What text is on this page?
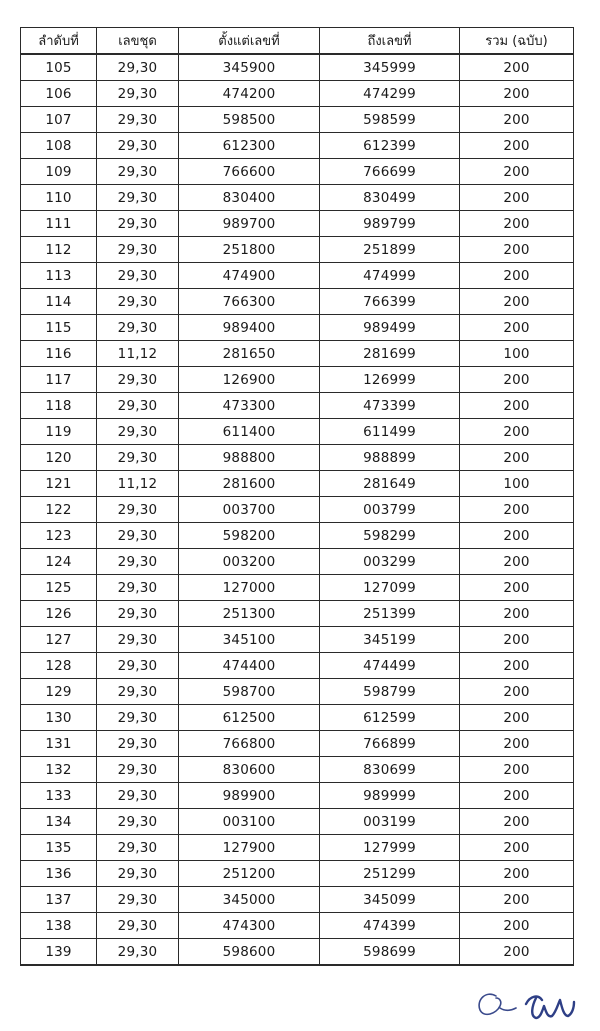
ลำดับที่	เลขชุด	ตั้งแต่เลขที่	ถึงเลขที่	รวม (ฉบับ)
105	29,30	345900	345999	200
106	29,30	474200	474299	200
107	29,30	598500	598599	200
108	29,30	612300	612399	200
109	29,30	766600	766699	200
110	29,30	830400	830499	200
111	29,30	989700	989799	200
112	29,30	251800	251899	200
113	29,30	474900	474999	200
114	29,30	766300	766399	200
115	29,30	989400	989499	200
116	11,12	281650	281699	100
117	29,30	126900	126999	200
118	29,30	473300	473399	200
119	29,30	611400	611499	200
120	29,30	988800	988899	200
121	11,12	281600	281649	100
122	29,30	003700	003799	200
123	29,30	598200	598299	200
124	29,30	003200	003299	200
125	29,30	127000	127099	200
126	29,30	251300	251399	200
127	29,30	345100	345199	200
128	29,30	474400	474499	200
129	29,30	598700	598799	200
130	29,30	612500	612599	200
131	29,30	766800	766899	200
132	29,30	830600	830699	200
133	29,30	989900	989999	200
134	29,30	003100	003199	200
135	29,30	127900	127999	200
136	29,30	251200	251299	200
137	29,30	345000	345099	200
138	29,30	474300	474399	200
139	29,30	598600	598699	200
